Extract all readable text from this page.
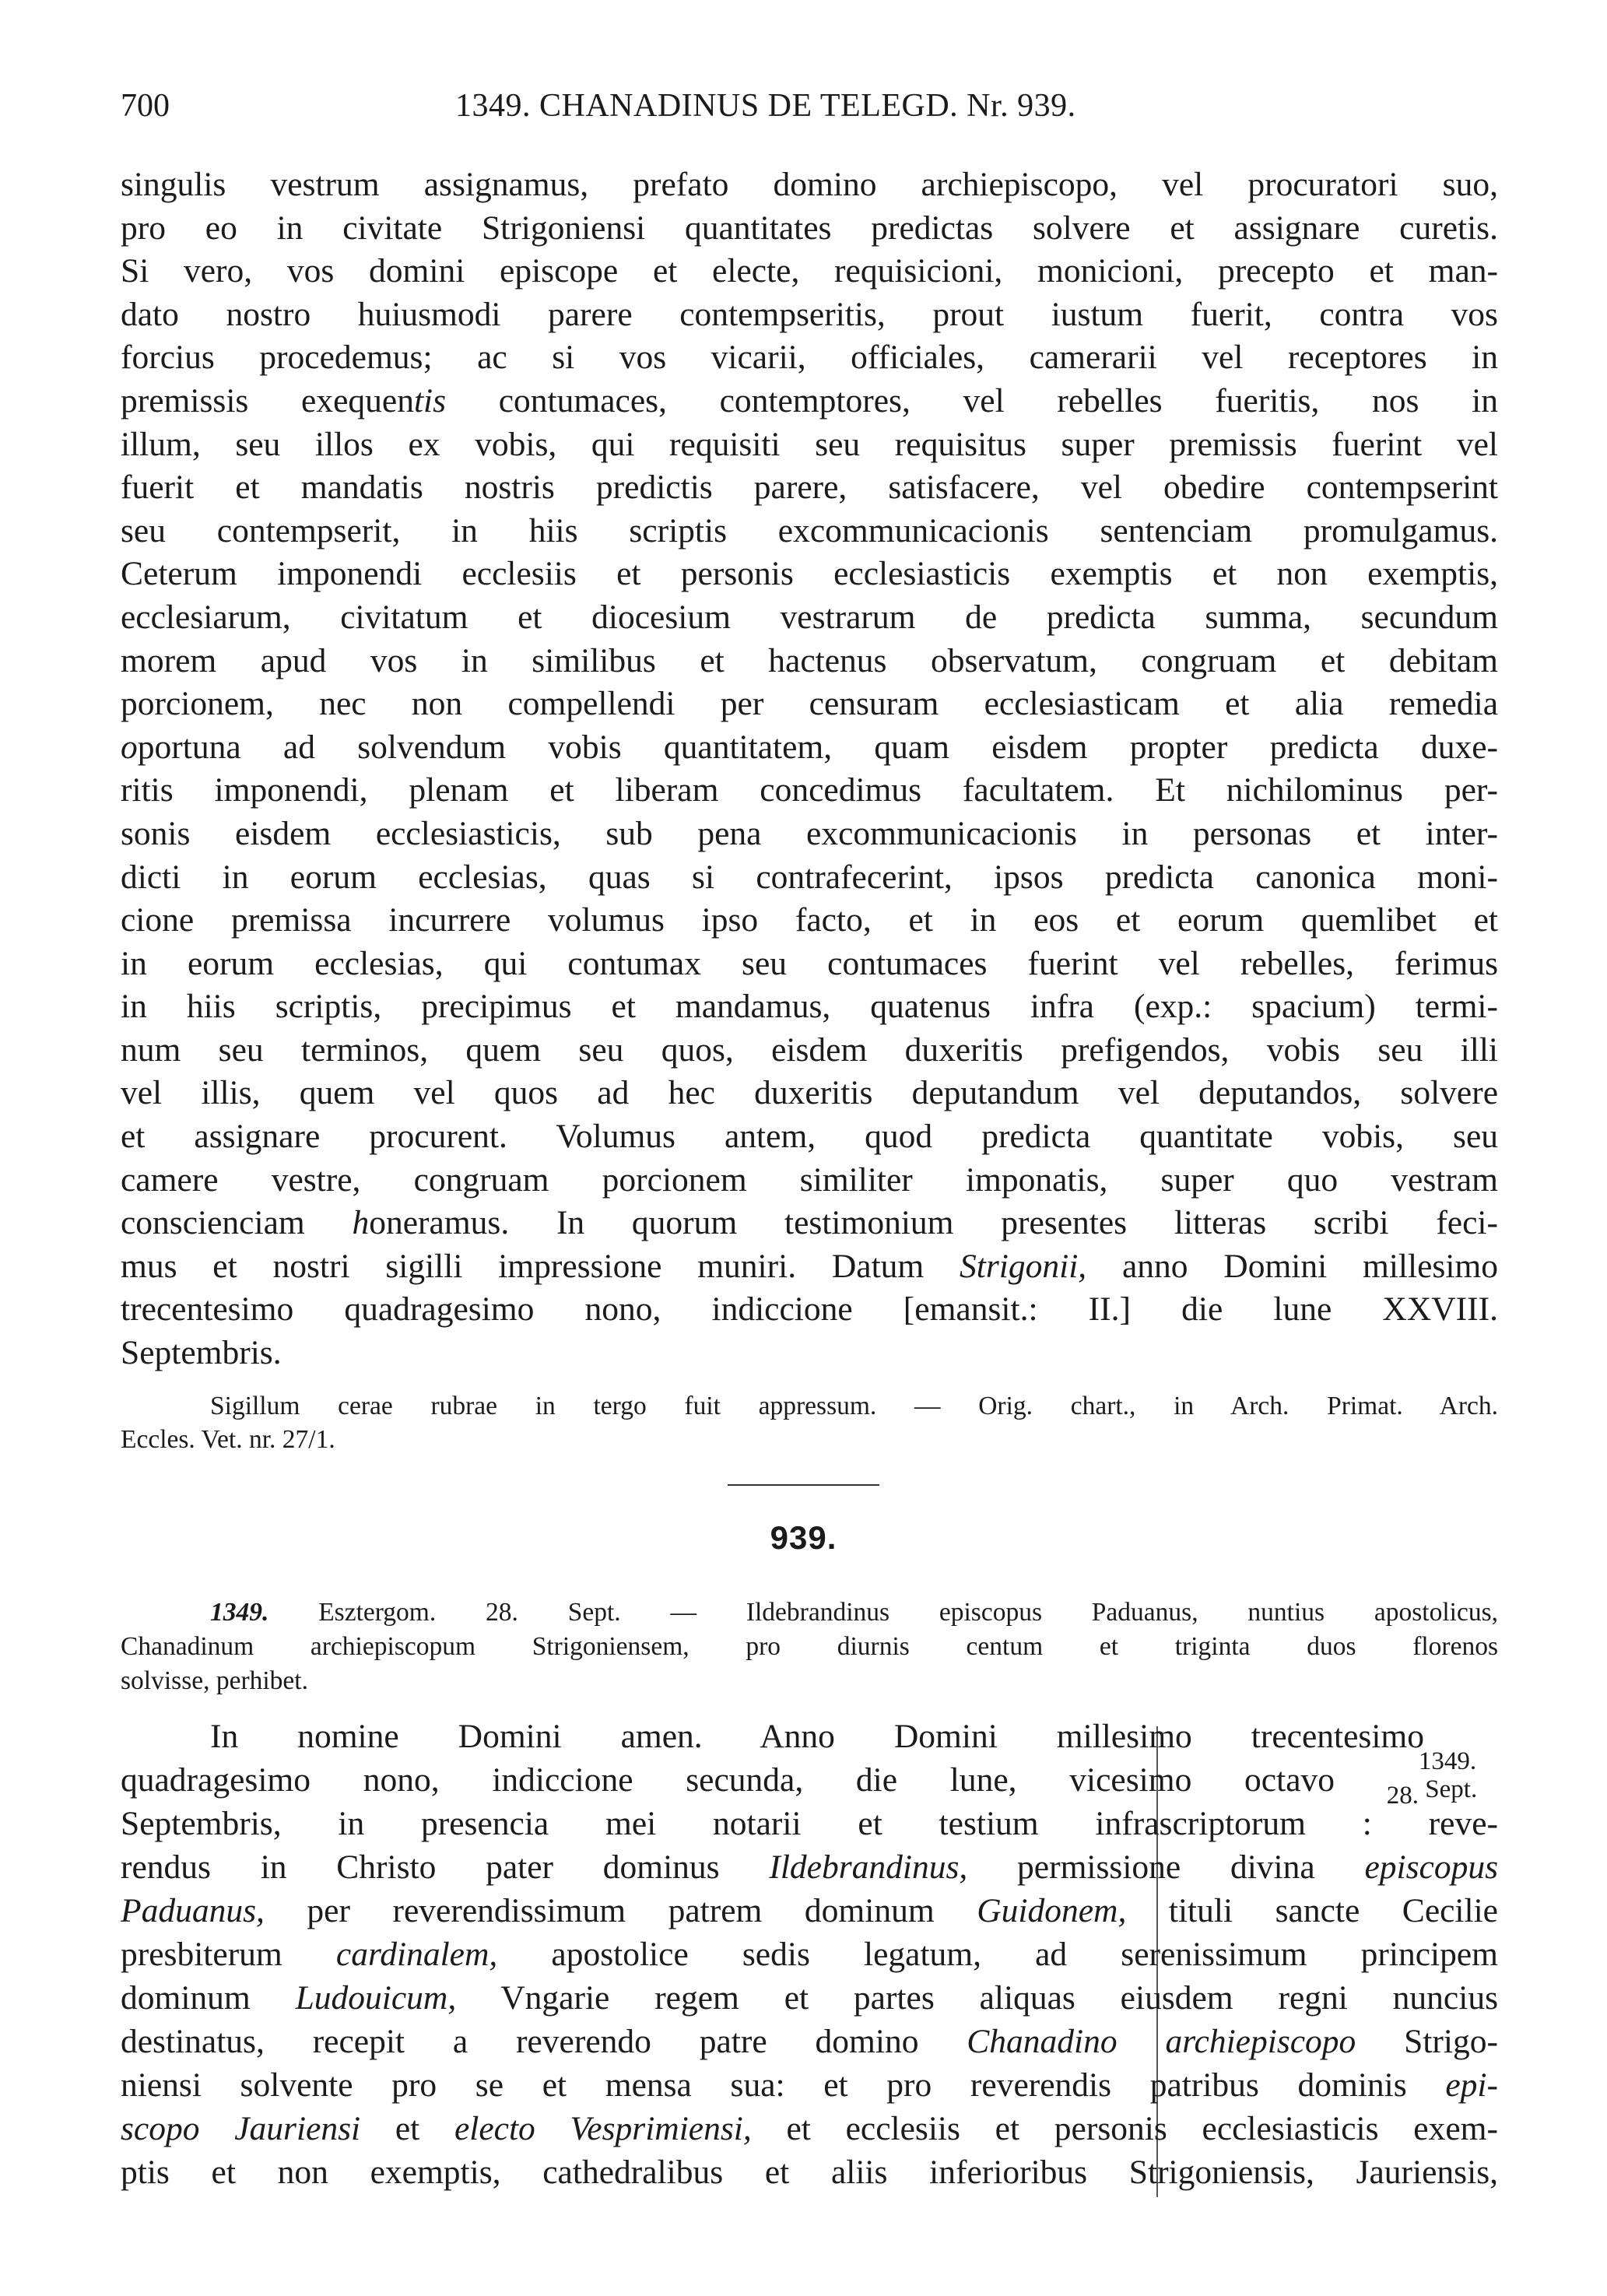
700	1349. CHANADINUS DE TELEGD. Nr. 939.
singulis vestrum assignamus, prefato domino archiepiscopo, vel procuratori suo,
pro eo in civitate Strigoniensi quantitates predictas solvere et assignare curetis.
Si vero, vos domini episcope et electe, requisicioni, monicioni, precepto et man-
dato nostro huiusmodi parere contempseritis, prout iustum fuerit, contra vos
forcius procedemus; ac si vos vicarii, officiales, camerarii vel receptores in
premissis exequentis contumaces, contemptores, vel rebelles fueritis, nos in
illum, seu illos ex vobis, qui requisiti seu requisitus super premissis fuerint vel
fuerit et mandatis nostris predictis parere, satisfacere, vel obedire contempserint
seu contempserit, in hiis scriptis excommunicacionis sentenciam promulgamus.
Ceterum imponendi ecclesiis et personis ecclesiasticis exemptis et non exemptis,
ecclesiarum, civitatum et diocesium vestrarum de predicta summa, secundum
morem apud vos in similibus et hactenus observatum, congruam et debitam
porcionem, nec non compellendi per censuram ecclesiasticam et alia remedia
oportuna ad solvendum vobis quantitatem, quam eisdem propter predicta duxe-
ritis imponendi, plenam et liberam concedimus facultatem. Et nichilominus per-
sonis eisdem ecclesiasticis, sub pena excommunicacionis in personas et inter-
dicti in eorum ecclesias, quas si contrafecerint, ipsos predicta canonica moni-
cione premissa incurrere volumus ipso facto, et in eos et eorum quemlibet et
in eorum ecclesias, qui contumax seu contumaces fuerint vel rebelles, ferimus
in hiis scriptis, precipimus et mandamus, quatenus infra (exp.: spacium) termi-
num seu terminos, quem seu quos, eisdem duxeritis prefigendos, vobis seu illi
vel illis, quem vel quos ad hec duxeritis deputandum vel deputandos, solvere
et assignare procurent. Volumus antem, quod predicta quantitate vobis, seu
camere vestre, congruam porcionem similiter imponatis, super quo vestram
conscienciam honeramus. In quorum testimonium presentes litteras scribi feci-
mus et nostri sigilli impressione muniri. Datum Strigonii, anno Domini millesimo
trecentesimo quadragesimo nono, indiccione [emansit.: II.] die lune XXVIII.
Septembris.
Sigillum cerae rubrae in tergo fuit appressum. — Orig. chart., in Arch. Primat. Arch.
Eccles. Vet. nr. 27/1.
939.
1349. Esztergom. 28. Sept. — Ildebrandinus episcopus Paduanus, nuntius apostolicus,
Chanadinum archiepiscopum Strigoniensem, pro diurnis centum et triginta duos florenos
solvisse, perhibet.
1349.
28. $^{Sept.}$
In nomine Domini amen. Anno Domini millesimo trecentesimo
quadragesimo nono, indiccione secunda, die lune, vicesimo octavo
Septembris, in presencia mei notarii et testium infrascriptorum : reve-
rendus in Christo pater dominus Ildebrandinus, permissione divina episcopus
Paduanus, per reverendissimum patrem dominum Guidonem, tituli sancte Cecilie
presbiterum cardinalem, apostolice sedis legatum, ad serenissimum principem
dominum Ludouicum, Vngarie regem et partes aliquas eiusdem regni nuncius
destinatus, recepit a reverendo patre domino Chanadino archiepiscopo Strigo-
niensi solvente pro se et mensa sua: et pro reverendis patribus dominis epi-
scopo Jauriensi et electo Vesprimiensi, et ecclesiis et personis ecclesiasticis exem-
ptis et non exemptis, cathedralibus et aliis inferioribus Strigoniensis, Jauriensis,
